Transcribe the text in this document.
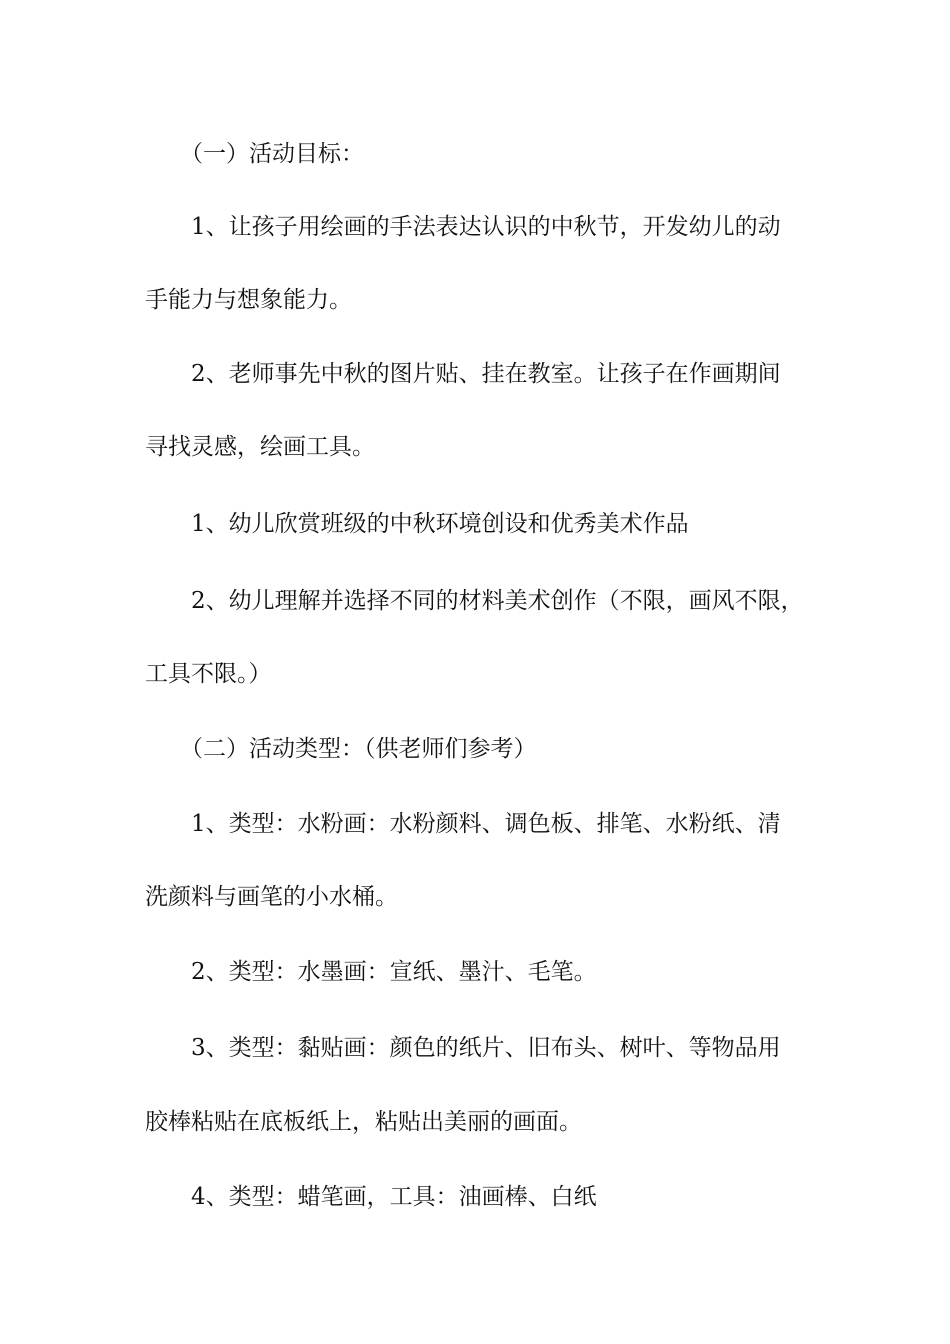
（一）活动目标：
1、让孩子用绘画的手法表达认识的中秋节，开发幼儿的动
手能力与想象能力。
2、老师事先中秋的图片贴、挂在教室。让孩子在作画期间
寻找灵感，绘画工具。
1、幼儿欣赏班级的中秋环境创设和优秀美术作品
2、幼儿理解并选择不同的材料美术创作（不限，画风不限，
工具不限。）
（二）活动类型：（供老师们参考）
1、类型：水粉画：水粉颜料、调色板、排笔、水粉纸、清
洗颜料与画笔的小水桶。
2、类型：水墨画：宣纸、墨汁、毛笔。
3、类型：黏贴画：颜色的纸片、旧布头、树叶、等物品用
胶棒粘贴在底板纸上，粘贴出美丽的画面。
4、类型：蜡笔画，工具：油画棒、白纸
